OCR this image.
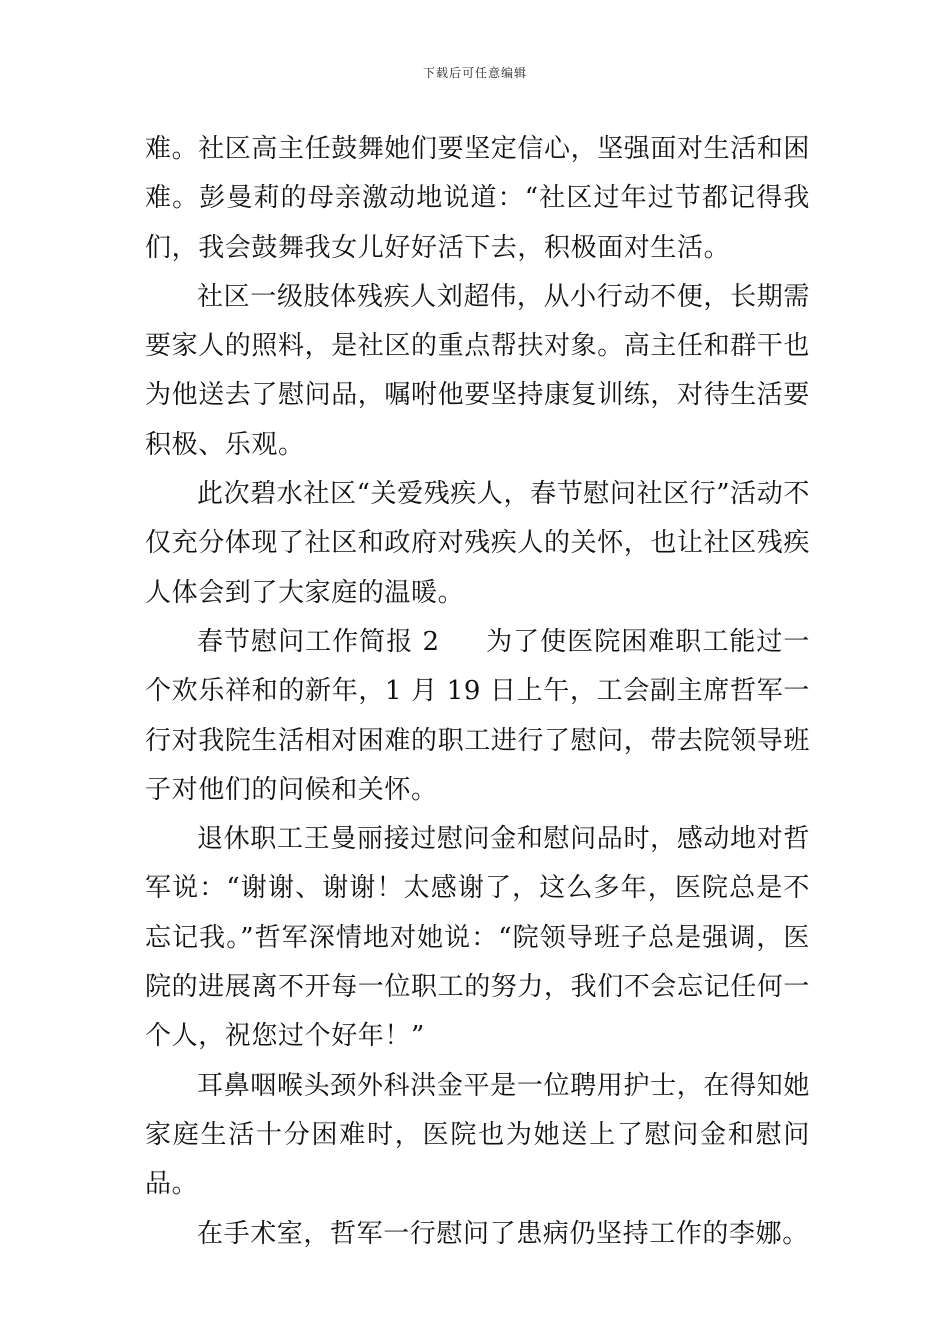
下载后可任意编辑

难。社区高主任鼓舞她们要坚定信心，坚强面对生活和困难。彭曼莉的母亲激动地说道：“社区过年过节都记得我们，我会鼓舞我女儿好好活下去，积极面对生活。

社区一级肢体残疾人刘超伟，从小行动不便，长期需要家人的照料，是社区的重点帮扶对象。高主任和群干也为他送去了慰问品，嘱咐他要坚持康复训练，对待生活要积极、乐观。

此次碧水社区“关爱残疾人，春节慰问社区行”活动不仅充分体现了社区和政府对残疾人的关怀，也让社区残疾人体会到了大家庭的温暖。

春节慰问工作简报 2 为了使医院困难职工能过一个欢乐祥和的新年，1 月 19 日上午，工会副主席哲军一行对我院生活相对困难的职工进行了慰问，带去院领导班子对他们的问候和关怀。

退休职工王曼丽接过慰问金和慰问品时，感动地对哲军说：“谢谢、谢谢！太感谢了，这么多年，医院总是不忘记我。”哲军深情地对她说：“院领导班子总是强调，医院的进展离不开每一位职工的努力，我们不会忘记任何一个人，祝您过个好年！”

耳鼻咽喉头颈外科洪金平是一位聘用护士，在得知她家庭生活十分困难时，医院也为她送上了慰问金和慰问品。

在手术室，哲军一行慰问了患病仍坚持工作的李娜。
